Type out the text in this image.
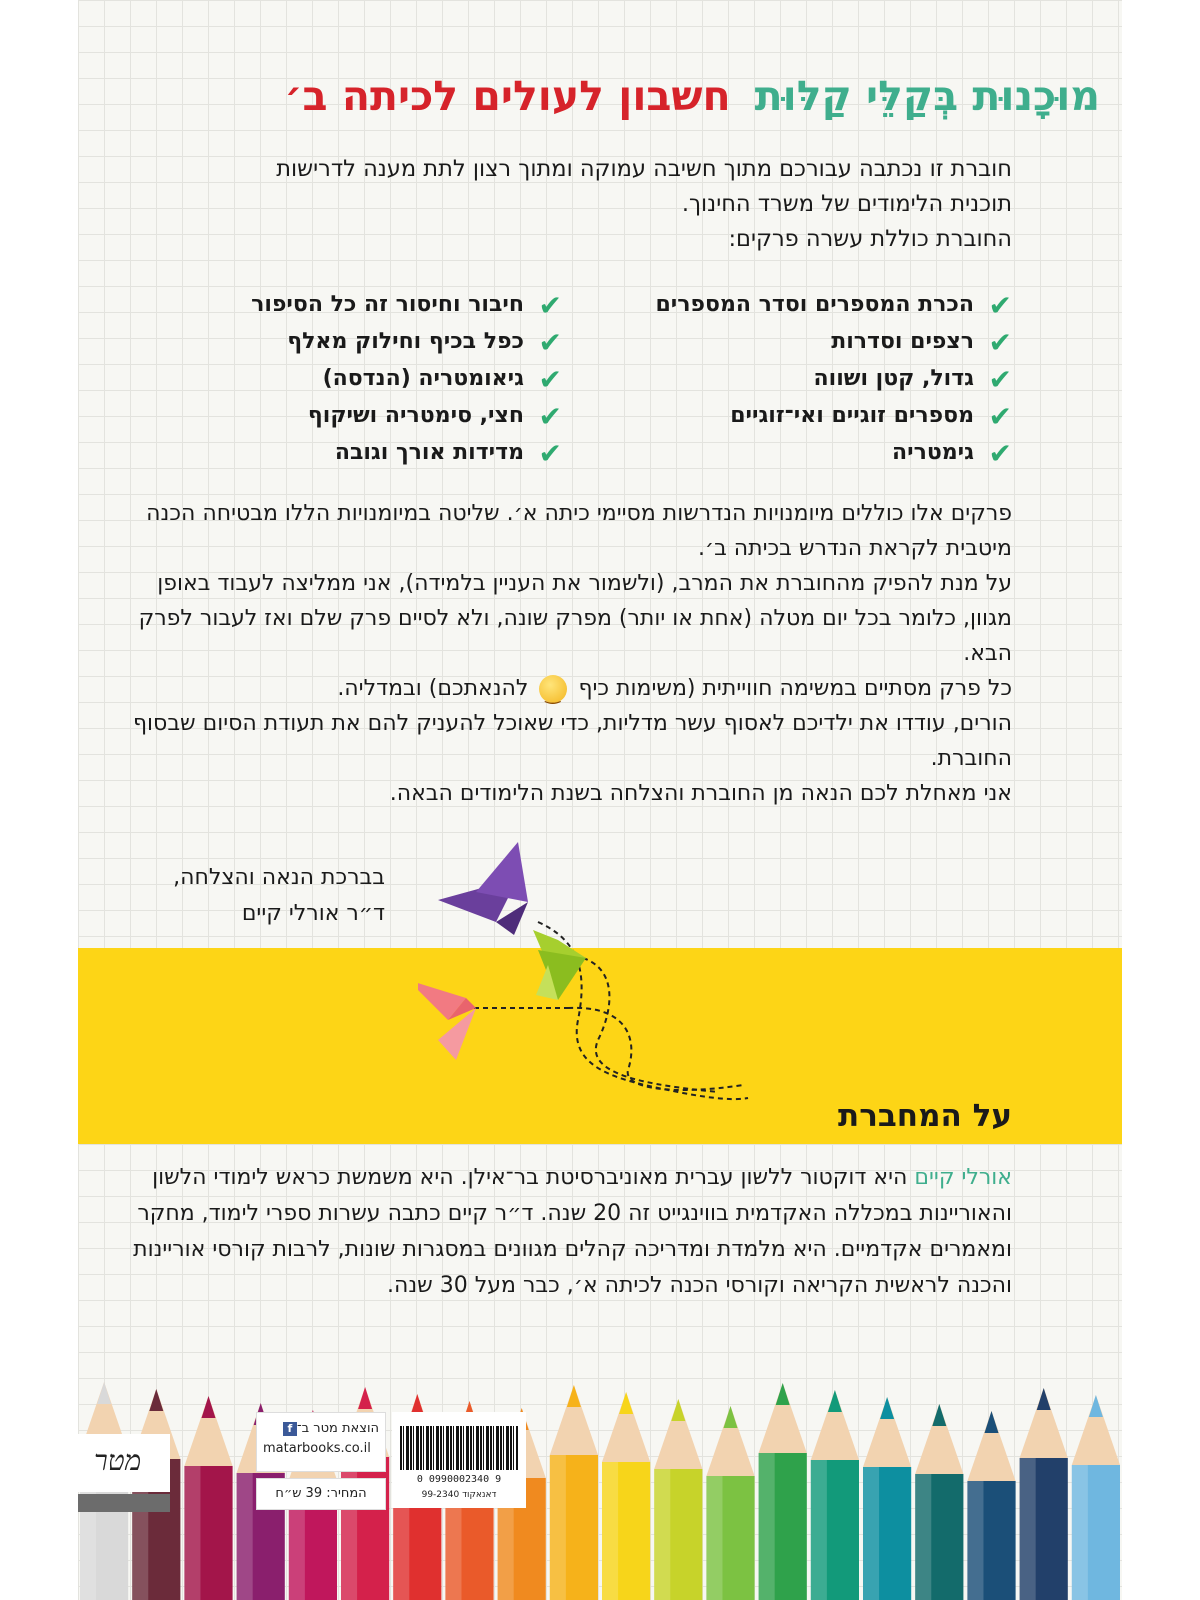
מוּכָנוּת בְּקַלֵּי קַלּוּתחשבון לעולים לכיתה ב׳

חוברת זו נכתבה עבורכם מתוך חשיבה עמוקה ומתוך רצון לתת מענה לדרישות

תוכנית הלימודים של משרד החינוך.

החוברת כוללת עשרה פרקים:

✔הכרת המספרים וסדר המספרים
✔רצפים וסדרות
✔גדול, קטן ושווה
✔מספרים זוגיים ואי־זוגיים
✔גימטריה
✔חיבור וחיסור זה כל הסיפור
✔כפל בכיף וחילוק מאלף
✔גיאומטריה (הנדסה)
✔חצי, סימטריה ושיקוף
✔מדידות אורך וגובה

פרקים אלו כוללים מיומנויות הנדרשות מסיימי כיתה א׳. שליטה במיומנויות הללו מבטיחה הכנה מיטבית לקראת הנדרש בכיתה ב׳.

על מנת להפיק מהחוברת את המרב, (ולשמור את העניין בלמידה), אני ממליצה לעבוד באופן מגוון, כלומר בכל יום מטלה (אחת או יותר) מפרק שונה, ולא לסיים פרק שלם ואז לעבור לפרק הבא.

כל פרק מסתיים במשימה חווייתית (משימות כיף ‿ להנאתכם) ובמדליה.

הורים, עודדו את ילדיכם לאסוף עשר מדליות, כדי שאוכל להעניק להם את תעודת הסיום שבסוף החוברת.

אני מאחלת לכם הנאה מן החוברת והצלחה בשנת הלימודים הבאה.

בברכת הנאה והצלחה,
ד״ר אורלי קיים
על המחברת

אורלי קיים היא דוקטור ללשון עברית מאוניברסיטת בר־אילן. היא משמשת כראש לימודי הלשון והאוריינות במכללה האקדמית בווינגייט זה 20 שנה. ד״ר קיים כתבה עשרות ספרי לימוד, מחקר ומאמרים אקדמיים. היא מלמדת ומדריכה קהלים מגוונים במסגרות שונות, לרבות קורסי אוריינות והכנה לראשית הקריאה וקורסי הכנה לכיתה א׳, כבר מעל 30 שנה.

מטר
הוצאת מטר ב־f
matarbooks.co.il
המחיר: 39 ש״ח
0 0990002340 9
דאנאקוד 99-2340
